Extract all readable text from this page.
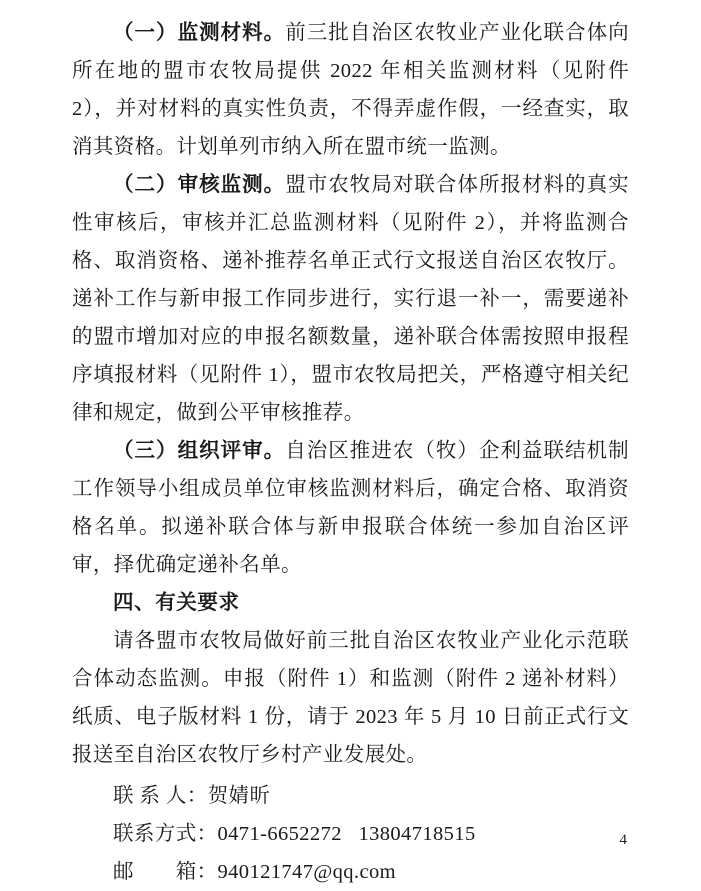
（一）监测材料。前三批自治区农牧业产业化联合体向所在地的盟市农牧局提供 2022 年相关监测材料（见附件 2），并对材料的真实性负责，不得弄虚作假，一经查实，取消其资格。计划单列市纳入所在盟市统一监测。

（二）审核监测。盟市农牧局对联合体所报材料的真实性审核后，审核并汇总监测材料（见附件 2），并将监测合格、取消资格、递补推荐名单正式行文报送自治区农牧厅。递补工作与新申报工作同步进行，实行退一补一，需要递补的盟市增加对应的申报名额数量，递补联合体需按照申报程序填报材料（见附件 1），盟市农牧局把关，严格遵守相关纪律和规定，做到公平审核推荐。

（三）组织评审。自治区推进农（牧）企利益联结机制工作领导小组成员单位审核监测材料后，确定合格、取消资格名单。拟递补联合体与新申报联合体统一参加自治区评审，择优确定递补名单。

四、有关要求

请各盟市农牧局做好前三批自治区农牧业产业化示范联合体动态监测。申报（附件 1）和监测（附件 2 递补材料）纸质、电子版材料 1 份，请于 2023 年 5 月 10 日前正式行文报送至自治区农牧厅乡村产业发展处。

联 系 人：贺婧昕

联系方式：0471-6652272   13804718515

邮　　箱：940121747@qq.com

4
